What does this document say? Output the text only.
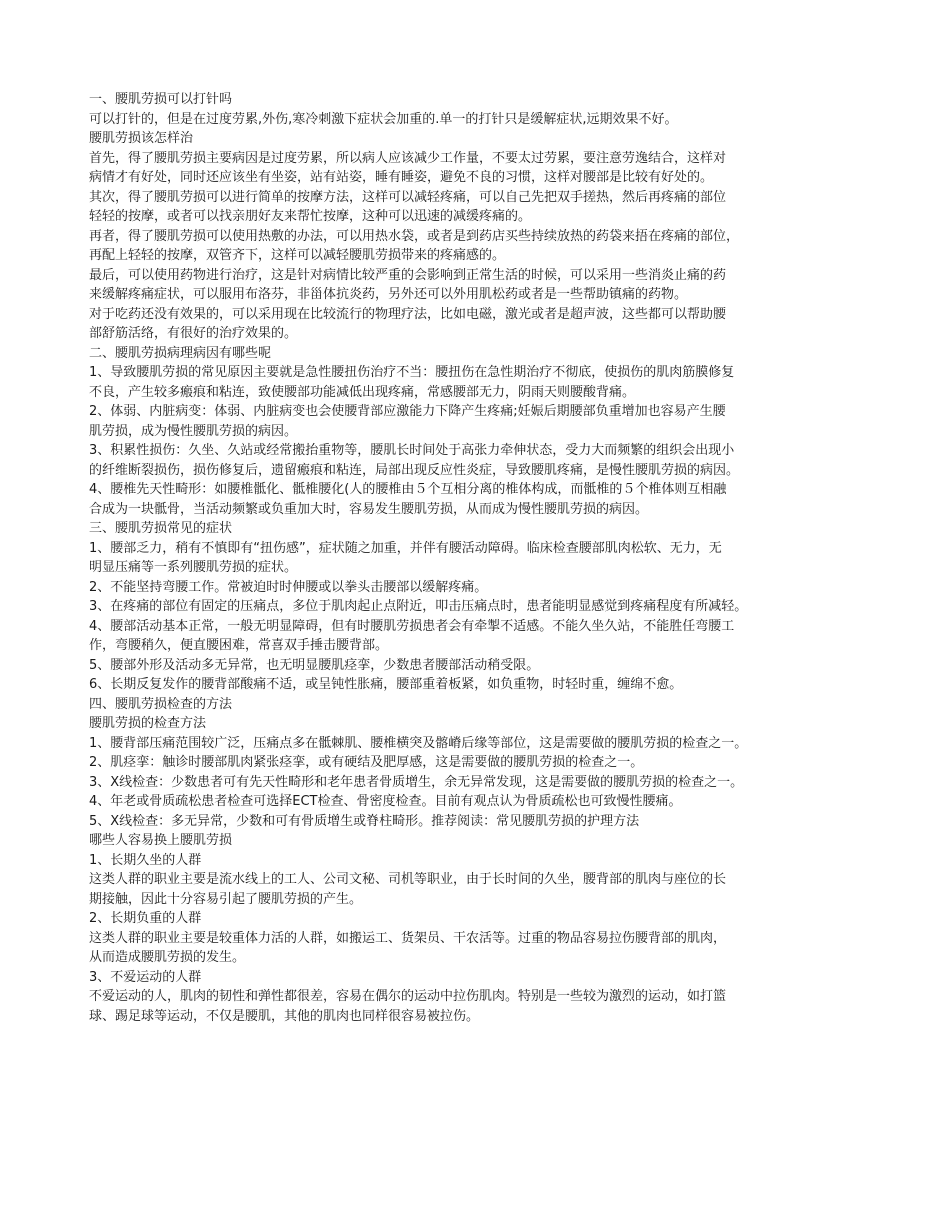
一、腰肌劳损可以打针吗
可以打针的，但是在过度劳累,外伤,寒冷刺激下症状会加重的.单一的打针只是缓解症状,远期效果不好。
腰肌劳损该怎样治
首先，得了腰肌劳损主要病因是过度劳累，所以病人应该减少工作量，不要太过劳累，要注意劳逸结合，这样对
病情才有好处，同时还应该坐有坐姿，站有站姿，睡有睡姿，避免不良的习惯，这样对腰部是比较有好处的。
其次，得了腰肌劳损可以进行简单的按摩方法，这样可以减轻疼痛，可以自己先把双手搓热，然后再疼痛的部位
轻轻的按摩，或者可以找亲朋好友来帮忙按摩，这种可以迅速的减缓疼痛的。
再者，得了腰肌劳损可以使用热敷的办法，可以用热水袋，或者是到药店买些持续放热的药袋来捂在疼痛的部位，
再配上轻轻的按摩，双管齐下，这样可以减轻腰肌劳损带来的疼痛感的。
最后，可以使用药物进行治疗，这是针对病情比较严重的会影响到正常生活的时候，可以采用一些消炎止痛的药
来缓解疼痛症状，可以服用布洛芬，非甾体抗炎药，另外还可以外用肌松药或者是一些帮助镇痛的药物。
对于吃药还没有效果的，可以采用现在比较流行的物理疗法，比如电磁，激光或者是超声波，这些都可以帮助腰
部舒筋活络，有很好的治疗效果的。
二、腰肌劳损病理病因有哪些呢
1、导致腰肌劳损的常见原因主要就是急性腰扭伤治疗不当：腰扭伤在急性期治疗不彻底，使损伤的肌肉筋膜修复
不良，产生较多瘢痕和粘连，致使腰部功能减低出现疼痛，常感腰部无力，阴雨天则腰酸背痛。
2、体弱、内脏病变：体弱、内脏病变也会使腰背部应激能力下降产生疼痛;妊娠后期腰部负重增加也容易产生腰
肌劳损，成为慢性腰肌劳损的病因。
3、积累性损伤：久坐、久站或经常搬抬重物等，腰肌长时间处于高张力牵伸状态，受力大而频繁的组织会出现小
的纤维断裂损伤，损伤修复后，遗留瘢痕和粘连，局部出现反应性炎症，导致腰肌疼痛，是慢性腰肌劳损的病因。
4、腰椎先天性畸形：如腰椎骶化、骶椎腰化(人的腰椎由５个互相分离的椎体构成，而骶椎的５个椎体则互相融
合成为一块骶骨，当活动频繁或负重加大时，容易发生腰肌劳损，从而成为慢性腰肌劳损的病因。
三、腰肌劳损常见的症状
1、腰部乏力，稍有不慎即有“扭伤感”，症状随之加重，并伴有腰活动障碍。临床检查腰部肌肉松软、无力，无
明显压痛等一系列腰肌劳损的症状。
2、不能坚持弯腰工作。常被迫时时伸腰或以拳头击腰部以缓解疼痛。
3、在疼痛的部位有固定的压痛点，多位于肌肉起止点附近，叩击压痛点时，患者能明显感觉到疼痛程度有所减轻。
4、腰部活动基本正常，一般无明显障碍，但有时腰肌劳损患者会有牵掣不适感。不能久坐久站，不能胜任弯腰工
作，弯腰稍久，便直腰困难，常喜双手捶击腰背部。
5、腰部外形及活动多无异常，也无明显腰肌痉挛，少数患者腰部活动稍受限。
6、长期反复发作的腰背部酸痛不适，或呈钝性胀痛，腰部重着板紧，如负重物，时轻时重，缠绵不愈。
四、腰肌劳损检查的方法
腰肌劳损的检查方法
1、腰背部压痛范围较广泛，压痛点多在骶棘肌、腰椎横突及髂嵴后缘等部位，这是需要做的腰肌劳损的检查之一。
2、肌痉挛：触诊时腰部肌肉紧张痉挛，或有硬结及肥厚感，这是需要做的腰肌劳损的检查之一。
3、X线检查：少数患者可有先天性畸形和老年患者骨质增生，余无异常发现，这是需要做的腰肌劳损的检查之一。
4、年老或骨质疏松患者检查可选择ECT检查、骨密度检查。目前有观点认为骨质疏松也可致慢性腰痛。
5、X线检查：多无异常，少数和可有骨质增生或脊柱畸形。推荐阅读：常见腰肌劳损的护理方法
哪些人容易换上腰肌劳损
1、长期久坐的人群
这类人群的职业主要是流水线上的工人、公司文秘、司机等职业，由于长时间的久坐，腰背部的肌肉与座位的长
期接触，因此十分容易引起了腰肌劳损的产生。
2、长期负重的人群
这类人群的职业主要是较重体力活的人群，如搬运工、货架员、干农活等。过重的物品容易拉伤腰背部的肌肉，
从而造成腰肌劳损的发生。
3、不爱运动的人群
不爱运动的人，肌肉的韧性和弹性都很差，容易在偶尔的运动中拉伤肌肉。特别是一些较为激烈的运动，如打篮
球、踢足球等运动，不仅是腰肌，其他的肌肉也同样很容易被拉伤。
